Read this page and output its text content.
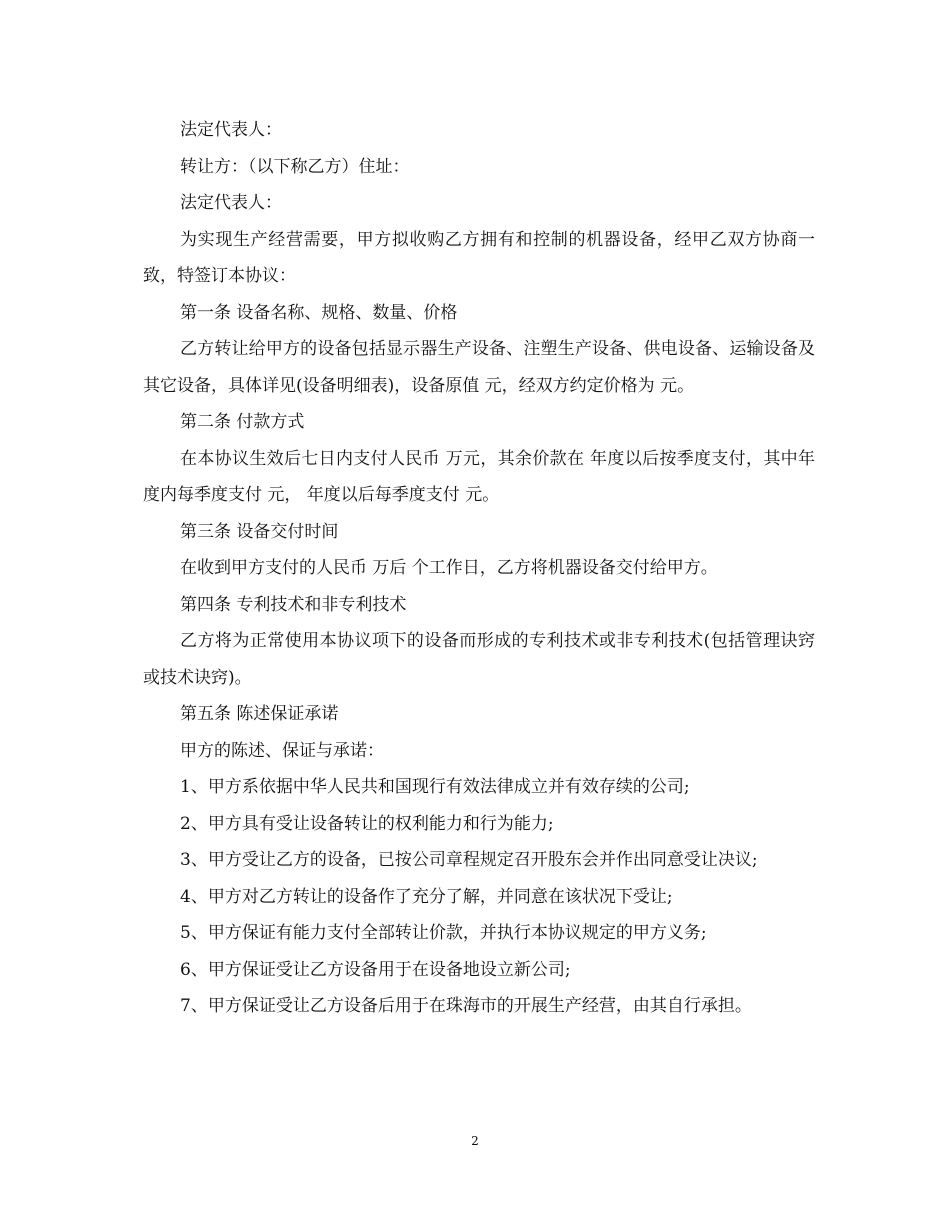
法定代表人：

转让方：（以下称乙方）住址：

法定代表人：

为实现生产经营需要，甲方拟收购乙方拥有和控制的机器设备，经甲乙双方协商一致，特签订本协议：

第一条 设备名称、规格、数量、价格

乙方转让给甲方的设备包括显示器生产设备、注塑生产设备、供电设备、运输设备及其它设备，具体详见(设备明细表)，设备原值 元，经双方约定价格为 元。

第二条 付款方式

在本协议生效后七日内支付人民币 万元，其余价款在 年度以后按季度支付，其中年度内每季度支付 元， 年度以后每季度支付 元。

第三条 设备交付时间

在收到甲方支付的人民币 万后 个工作日，乙方将机器设备交付给甲方。

第四条 专利技术和非专利技术

乙方将为正常使用本协议项下的设备而形成的专利技术或非专利技术(包括管理诀窍或技术诀窍)。

第五条 陈述保证承诺

甲方的陈述、保证与承诺：

1、甲方系依据中华人民共和国现行有效法律成立并有效存续的公司;

2、甲方具有受让设备转让的权利能力和行为能力;

3、甲方受让乙方的设备，已按公司章程规定召开股东会并作出同意受让决议;

4、甲方对乙方转让的设备作了充分了解，并同意在该状况下受让;

5、甲方保证有能力支付全部转让价款，并执行本协议规定的甲方义务;

6、甲方保证受让乙方设备用于在设备地设立新公司;

7、甲方保证受让乙方设备后用于在珠海市的开展生产经营，由其自行承担。

2
